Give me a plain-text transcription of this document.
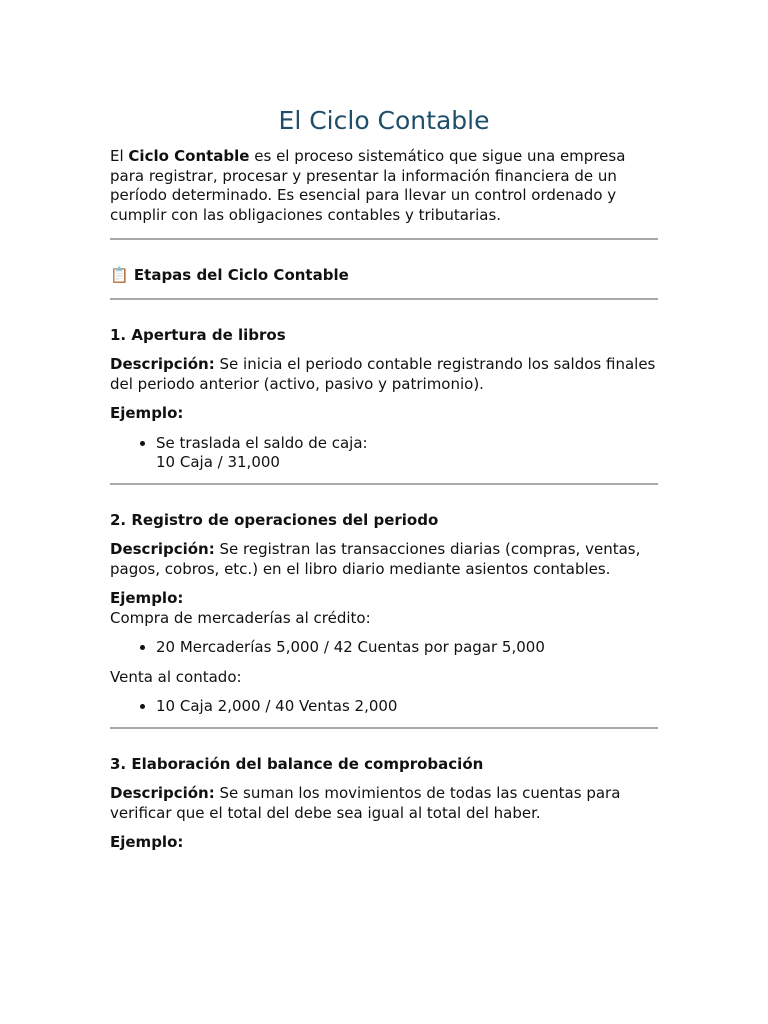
El Ciclo Contable

El Ciclo Contable es el proceso sistemático que sigue una empresa para registrar, procesar y presentar la información financiera de un período determinado. Es esencial para llevar un control ordenado y cumplir con las obligaciones contables y tributarias.

📋 Etapas del Ciclo Contable

1. Apertura de libros

Descripción: Se inicia el periodo contable registrando los saldos finales del periodo anterior (activo, pasivo y patrimonio).

Ejemplo:

• Se traslada el saldo de caja:
10 Caja / 31,000

2. Registro de operaciones del periodo

Descripción: Se registran las transacciones diarias (compras, ventas, pagos, cobros, etc.) en el libro diario mediante asientos contables.

Ejemplo:

Compra de mercaderías al crédito:

• 20 Mercaderías 5,000 / 42 Cuentas por pagar 5,000

Venta al contado:

• 10 Caja 2,000 / 40 Ventas 2,000

3. Elaboración del balance de comprobación

Descripción: Se suman los movimientos de todas las cuentas para verificar que el total del debe sea igual al total del haber.

Ejemplo:
